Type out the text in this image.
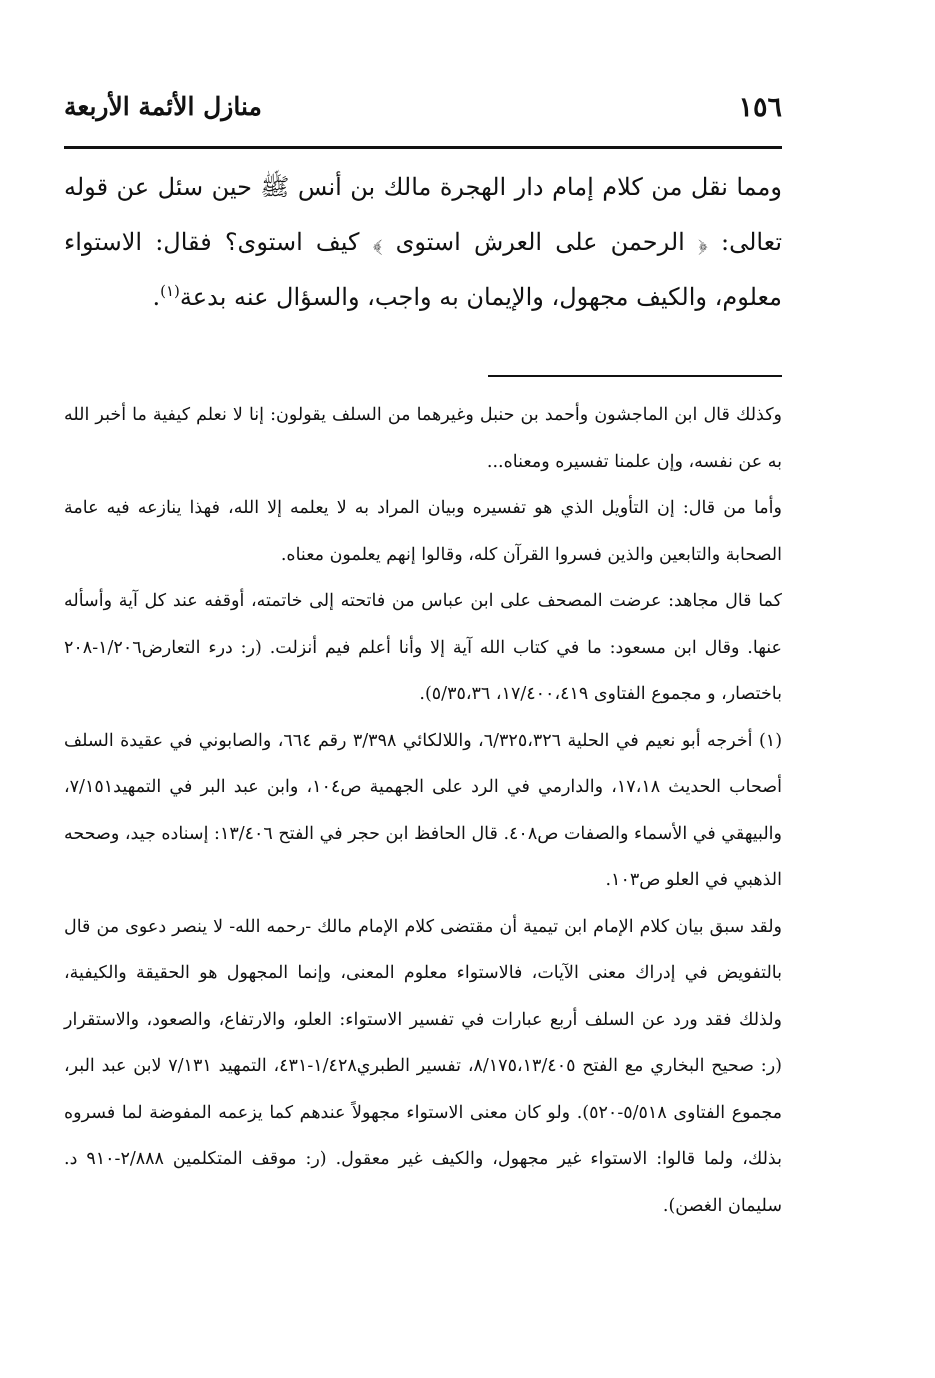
١٥٦
منازل الأئمة الأربعة

ومما نقل من كلام إمام دار الهجرة مالك بن أنس ﷺ حين سئل عن قوله تعالى: ﴿ الرحمن على العرش استوى ﴾ كيف استوى؟ فقال: الاستواء معلوم، والكيف مجهول، والإيمان به واجب، والسؤال عنه بدعة$^{(١)}$.

وكذلك قال ابن الماجشون وأحمد بن حنبل وغيرهما من السلف يقولون: إنا لا نعلم كيفية ما أخبر الله به عن نفسه، وإن علمنا تفسيره ومعناه...

وأما من قال: إن التأويل الذي هو تفسيره وبيان المراد به لا يعلمه إلا الله، فهذا ينازعه فيه عامة الصحابة والتابعين والذين فسروا القرآن كله، وقالوا إنهم يعلمون معناه.

كما قال مجاهد: عرضت المصحف على ابن عباس من فاتحته إلى خاتمته، أوقفه عند كل آية وأسأله عنها. وقال ابن مسعود: ما في كتاب الله آية إلا وأنا أعلم فيم أنزلت. (ر: درء التعارض١/٢٠٦-٢٠٨ باختصار، و مجموع الفتاوى ١٧/٤٠٠،٤١٩، ٥/٣٥،٣٦).

(١) أخرجه أبو نعيم في الحلية ٦/٣٢٥،٣٢٦، واللالكائي ٣/٣٩٨ رقم ٦٦٤، والصابوني في عقيدة السلف أصحاب الحديث ١٧،١٨، والدارمي في الرد على الجهمية ص١٠٤، وابن عبد البر في التمهيد٧/١٥١، والبيهقي في الأسماء والصفات ص٤٠٨. قال الحافظ ابن حجر في الفتح ١٣/٤٠٦: إسناده جيد، وصححه الذهبي في العلو ص١٠٣.

ولقد سبق بيان كلام الإمام ابن تيمية أن مقتضى كلام الإمام مالك -رحمه الله- لا ينصر دعوى من قال بالتفويض في إدراك معنى الآيات، فالاستواء معلوم المعنى، وإنما المجهول هو الحقيقة والكيفية، ولذلك فقد ورد عن السلف أربع عبارات في تفسير الاستواء: العلو، والارتفاع، والصعود، والاستقرار (ر: صحيح البخاري مع الفتح ٨/١٧٥،١٣/٤٠٥، تفسير الطبري١/٤٢٨-٤٣١، التمهيد ٧/١٣١ لابن عبد البر، مجموع الفتاوى ٥/٥١٨-٥٢٠). ولو كان معنى الاستواء مجهولاً عندهم كما يزعمه المفوضة لما فسروه بذلك، ولما قالوا: الاستواء غير مجهول، والكيف غير معقول. (ر: موقف المتكلمين ٢/٨٨٨-٩١٠ د. سليمان الغصن).
